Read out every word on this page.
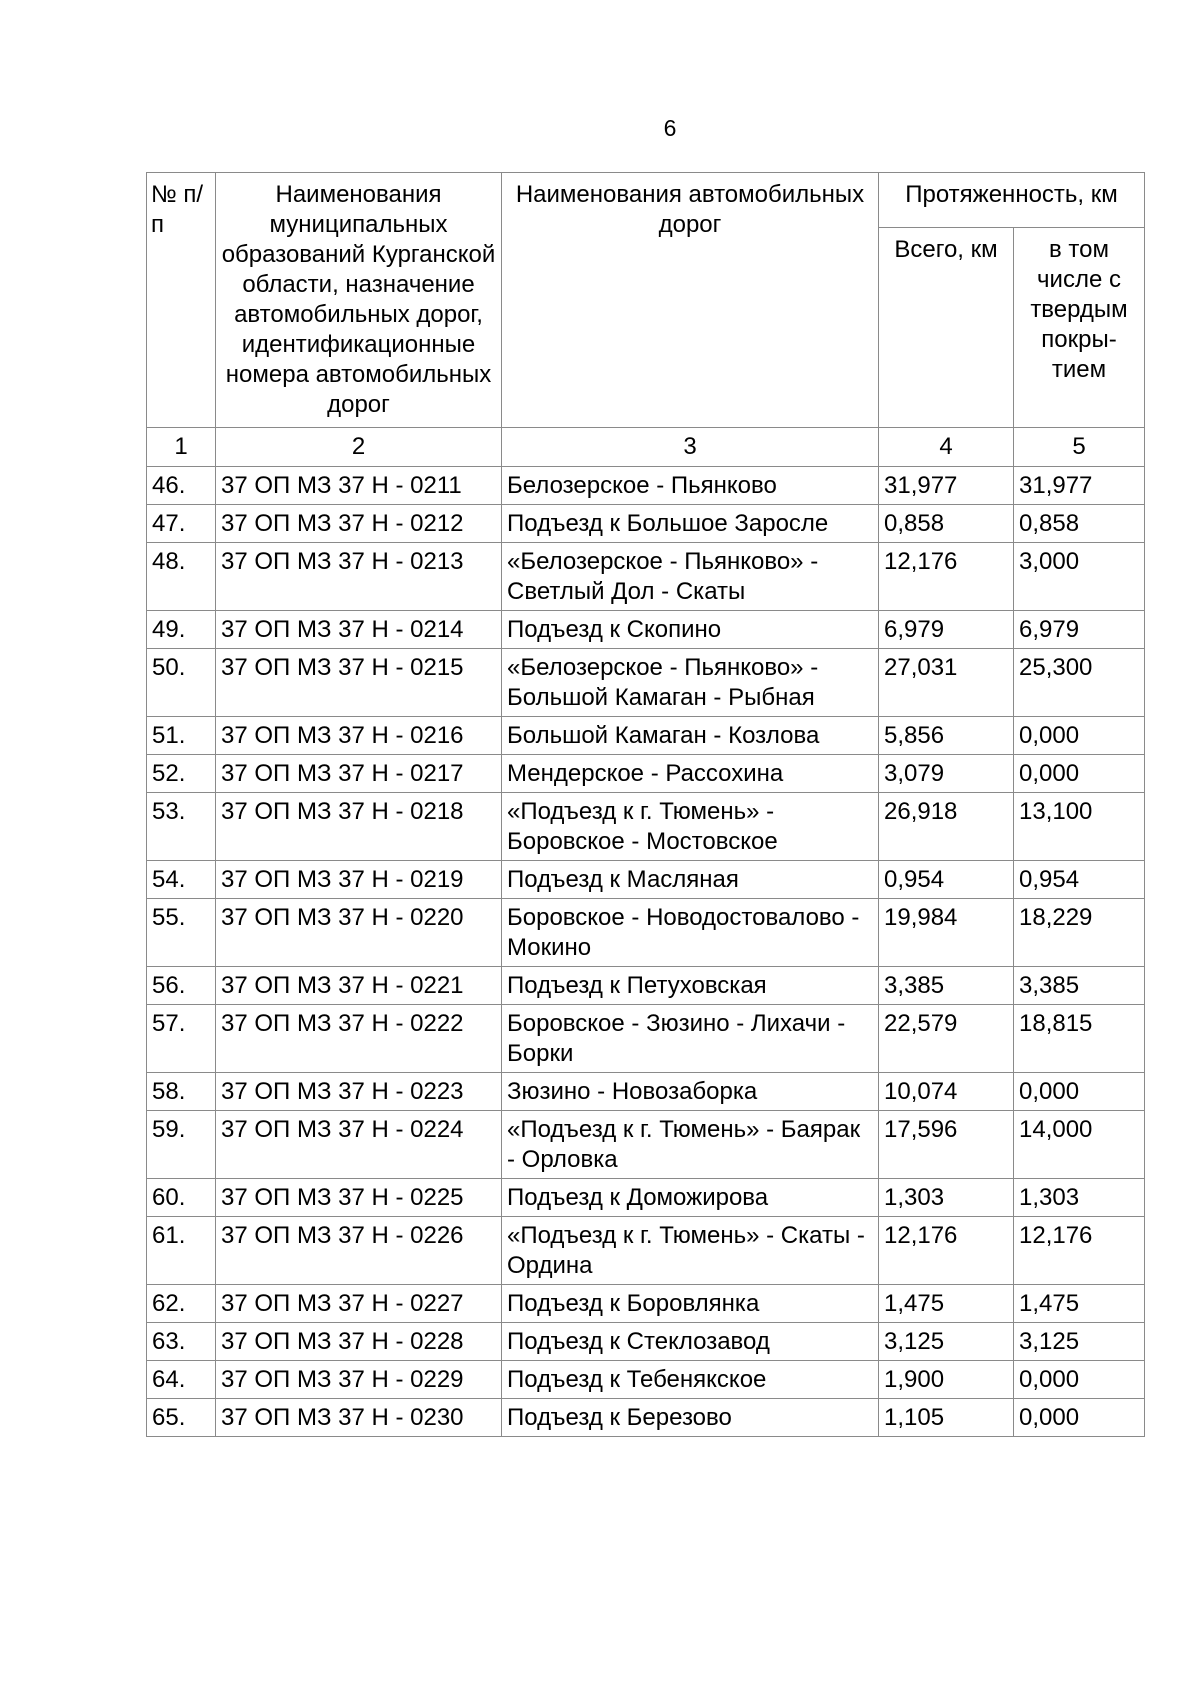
6
№ п/п	Наименования муниципальных образований Курганской области, назначение автомобильных дорог, идентификационные номера автомобильных дорог	Наименования автомобильных дорог	Протяженность, км	
			Всего, км	в том числе с твердым покры-тием
1	2	3	4	5
46.	37 ОП МЗ 37 Н - 0211	Белозерское - Пьянково	31,977	31,977
47.	37 ОП МЗ 37 Н - 0212	Подъезд к Большое Заросле	0,858	0,858
48.	37 ОП МЗ 37 Н - 0213	«Белозерское - Пьянково» - Светлый Дол - Скаты	12,176	3,000
49.	37 ОП МЗ 37 Н - 0214	Подъезд к Скопино	6,979	6,979
50.	37 ОП МЗ 37 Н - 0215	«Белозерское - Пьянково» - Большой Камаган - Рыбная	27,031	25,300
51.	37 ОП МЗ 37 Н - 0216	Большой Камаган - Козлова	5,856	0,000
52.	37 ОП МЗ 37 Н - 0217	Мендерское - Рассохина	3,079	0,000
53.	37 ОП МЗ 37 Н - 0218	«Подъезд к г. Тюмень» - Боровское - Мостовское	26,918	13,100
54.	37 ОП МЗ 37 Н - 0219	Подъезд к Масляная	0,954	0,954
55.	37 ОП МЗ 37 Н - 0220	Боровское - Новодостовалово - Мокино	19,984	18,229
56.	37 ОП МЗ 37 Н - 0221	Подъезд к Петуховская	3,385	3,385
57.	37 ОП МЗ 37 Н - 0222	Боровское - Зюзино - Лихачи - Борки	22,579	18,815
58.	37 ОП МЗ 37 Н - 0223	Зюзино - Новозаборка	10,074	0,000
59.	37 ОП МЗ 37 Н - 0224	«Подъезд к г. Тюмень» - Баярак - Орловка	17,596	14,000
60.	37 ОП МЗ 37 Н - 0225	Подъезд к Доможирова	1,303	1,303
61.	37 ОП МЗ 37 Н - 0226	«Подъезд к г. Тюмень» - Скаты - Ордина	12,176	12,176
62.	37 ОП МЗ 37 Н - 0227	Подъезд к Боровлянка	1,475	1,475
63.	37 ОП МЗ 37 Н - 0228	Подъезд к Стеклозавод	3,125	3,125
64.	37 ОП МЗ 37 Н - 0229	Подъезд к Тебенякское	1,900	0,000
65.	37 ОП МЗ 37 Н - 0230	Подъезд к Березово	1,105	0,000
